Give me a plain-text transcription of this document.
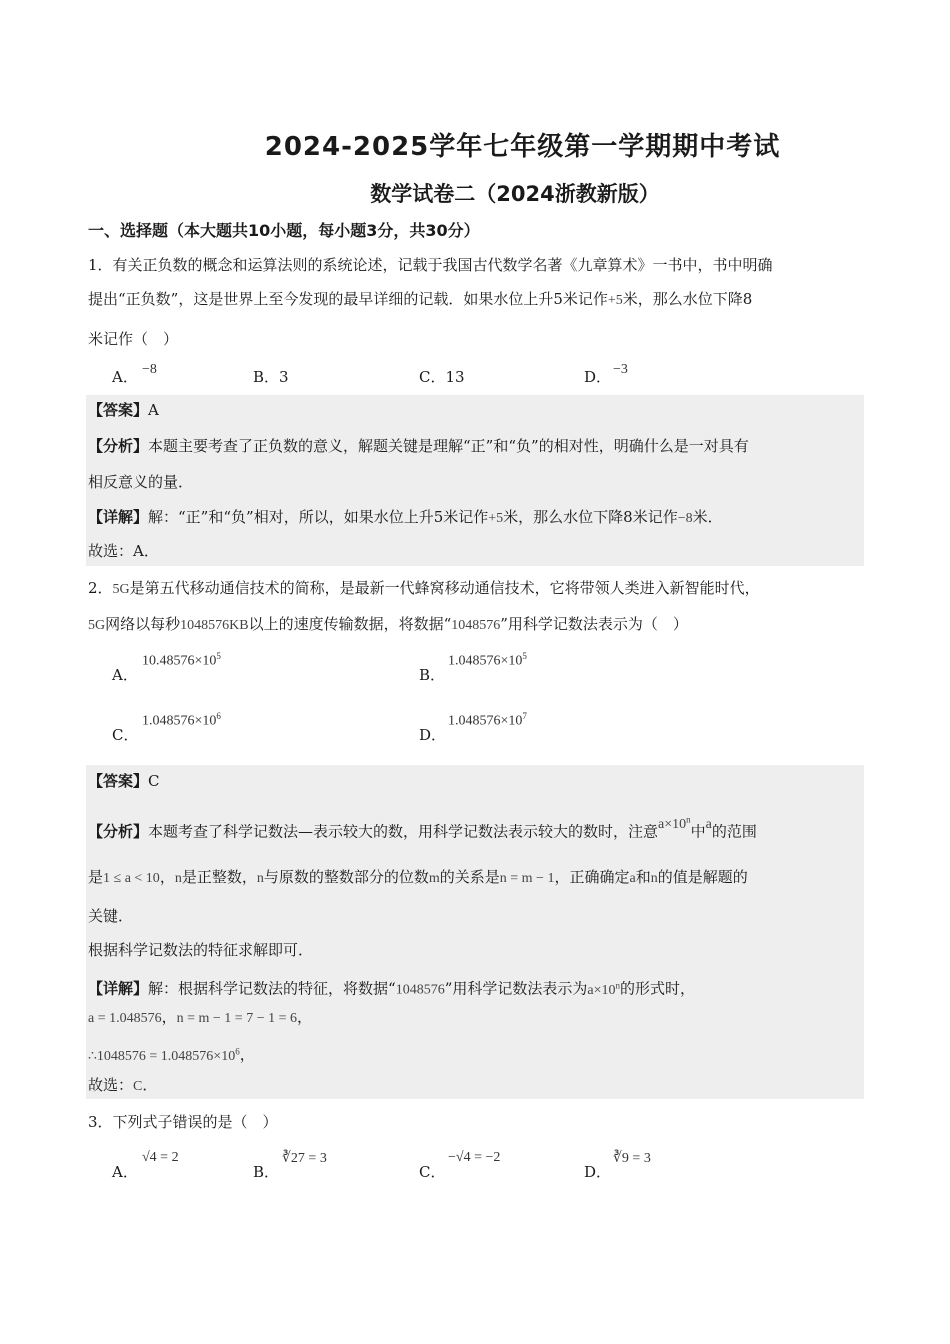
2024-2025学年七年级第一学期期中考试
数学试卷二（2024浙教新版）
一、选择题（本大题共10小题，每小题3分，共30分）
1．有关正负数的概念和运算法则的系统论述，记载于我国古代数学名著《九章算术》一书中，书中明确
提出“正负数”，这是世界上至今发现的最早详细的记载．如果水位上升5米记作+5米，那么水位下降8
米记作（　）
A． −8	B．3	C．13	D． −3
【答案】A
【分析】本题主要考查了正负数的意义，解题关键是理解“正”和“负”的相对性，明确什么是一对具有
相反意义的量．
【详解】解：“正”和“负”相对，所以，如果水位上升5米记作+5米，那么水位下降8米记作−8米．
故选：A．
2．5G是第五代移动通信技术的简称，是最新一代蜂窝移动通信技术，它将带领人类进入新智能时代，
5G网络以每秒1048576KB以上的速度传输数据，将数据“1048576”用科学记数法表示为（　）
A．
$10.48576\times 10^5$
B．
$1.048576\times 10^5$
C．
$1.048576\times 10^6$
D．
$1.048576\times 10^7$
【答案】C
【分析】本题考查了科学记数法—表示较大的数，用科学记数法表示较大的数时，注意$a\times 10^n$中a的范围
是1 ≤ a < 10，n是正整数，n与原数的整数部分的位数m的关系是n = m − 1，正确确定a和n的值是解题的
关键．
根据科学记数法的特征求解即可．
【详解】解：根据科学记数法的特征，将数据“1048576”用科学记数法表示为$a\times 10^n$的形式时，
a = 1.048576，n = m − 1 = 7 − 1 = 6，
∴1048576 = $1.048576\times 10^6$，
故选：C．
3．下列式子错误的是（　）
A．
√4 = 2
B．
∛27 = 3
C．
−√4 = −2
D．
∛9 = 3
